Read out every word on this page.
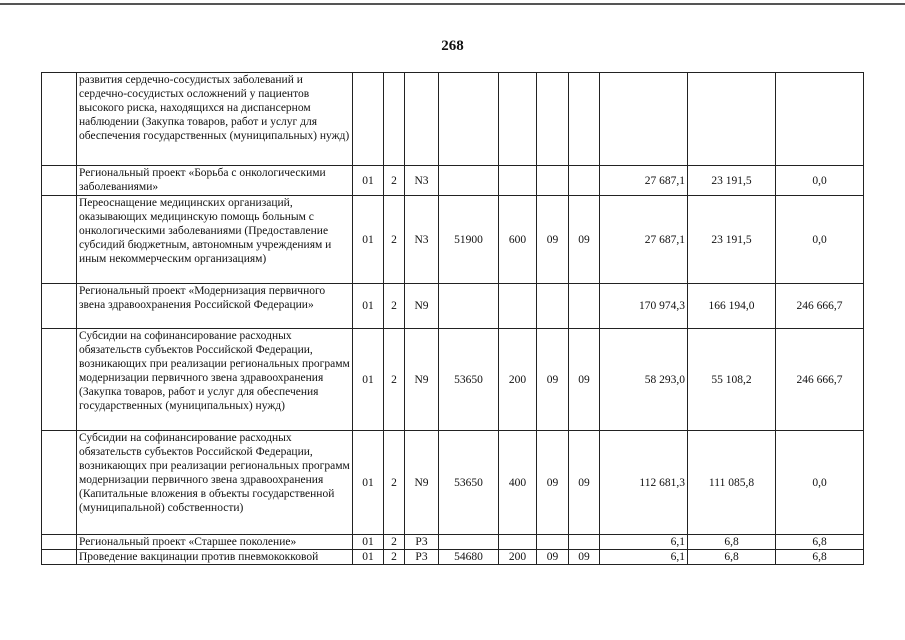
268
	развития сердечно-сосудистых заболеваний и сердечно-сосудистых осложнений у пациентов высокого риска, находящихся на диспансерном наблюдении (Закупка товаров, работ и услуг для обеспечения государственных (муниципальных) нужд)										
	Региональный проект «Борьба с онкологическими заболеваниями»	01	2	N3					27 687,1	23 191,5	0,0
	Переоснащение медицинских организаций, оказывающих медицинскую помощь больным с онкологическими заболеваниями (Предоставление субсидий бюджетным, автономным учреждениям и иным некоммерческим организациям)	01	2	N3	51900	600	09	09	27 687,1	23 191,5	0,0
	Региональный проект «Модернизация первичного звена здравоохранения Российской Федерации»	01	2	N9					170 974,3	166 194,0	246 666,7
	Субсидии на софинансирование расходных обязательств субъектов Российской Федерации, возникающих при реализации региональных программ модернизации первичного звена здравоохранения (Закупка товаров, работ и услуг для обеспечения государственных (муниципальных) нужд)	01	2	N9	53650	200	09	09	58 293,0	55 108,2	246 666,7
	Субсидии на софинансирование расходных обязательств субъектов Российской Федерации, возникающих при реализации региональных программ модернизации первичного звена здравоохранения (Капитальные вложения в объекты государственной (муниципальной) собственности)	01	2	N9	53650	400	09	09	112 681,3	111 085,8	0,0
	Региональный проект «Старшее поколение»	01	2	P3					6,1	6,8	6,8
	Проведение вакцинации против пневмококковой	01	2	P3	54680	200	09	09	6,1	6,8	6,8
